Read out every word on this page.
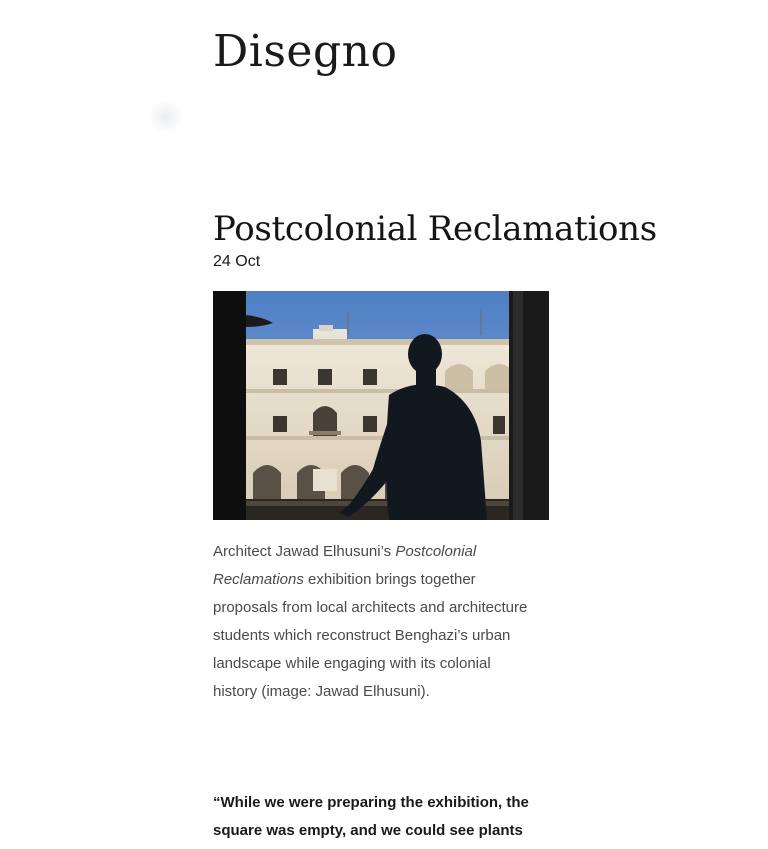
Disegno
Postcolonial Reclamations
24 Oct
Architect Jawad Elhusuni’s Postcolonial Reclamations exhibition brings together proposals from local architects and architecture students which reconstruct Benghazi’s urban landscape while engaging with its colonial history (image: Jawad Elhusuni).
“While we were preparing the exhibition, the square was empty, and we could see plants
